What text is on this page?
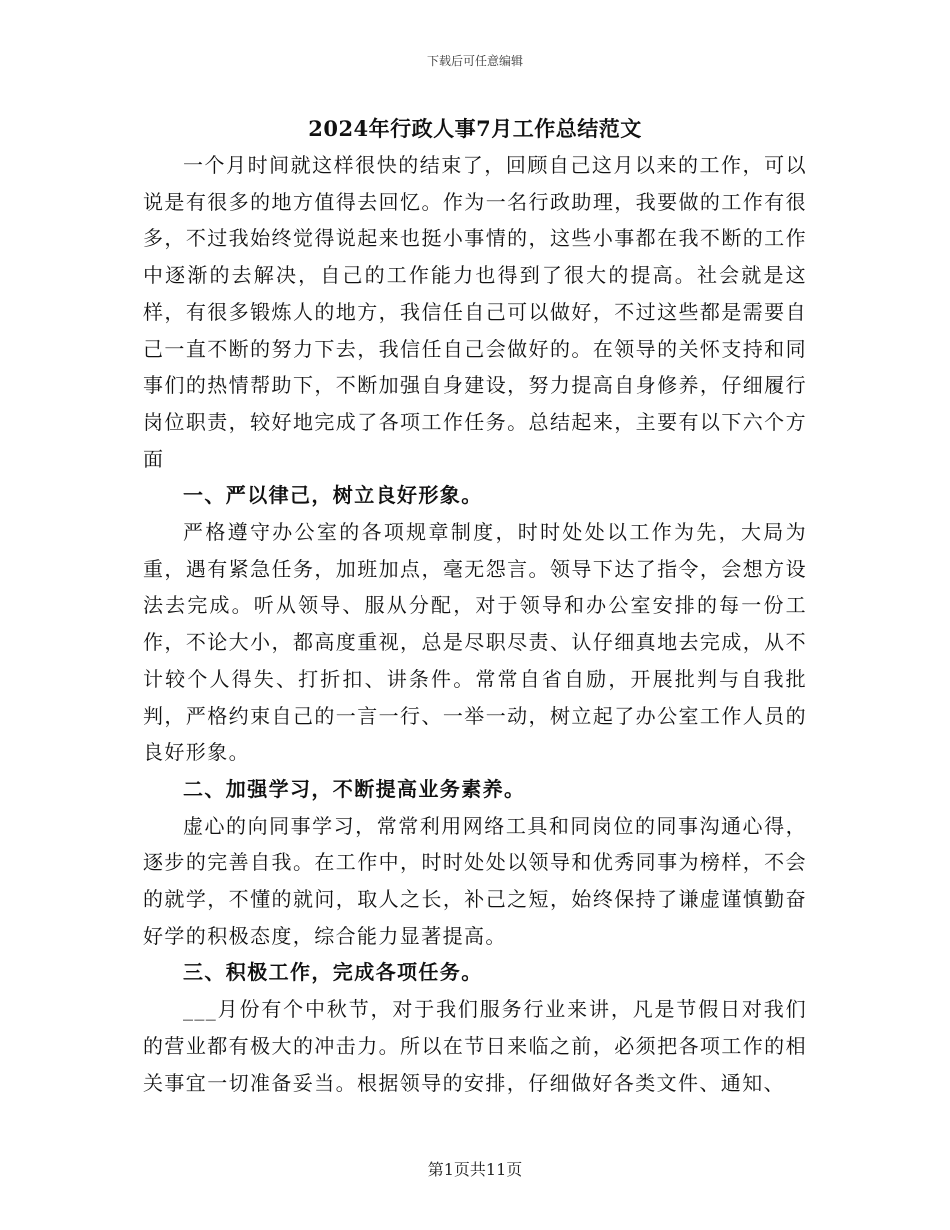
下载后可任意编辑
2024年行政人事7月工作总结范文

一个月时间就这样很快的结束了，回顾自己这月以来的工作，可以说是有很多的地方值得去回忆。作为一名行政助理，我要做的工作有很多，不过我始终觉得说起来也挺小事情的，这些小事都在我不断的工作中逐渐的去解决，自己的工作能力也得到了很大的提高。社会就是这样，有很多锻炼人的地方，我信任自己可以做好，不过这些都是需要自己一直不断的努力下去，我信任自己会做好的。在领导的关怀支持和同事们的热情帮助下，不断加强自身建设，努力提高自身修养，仔细履行岗位职责，较好地完成了各项工作任务。总结起来，主要有以下六个方面

一、严以律己，树立良好形象。

严格遵守办公室的各项规章制度，时时处处以工作为先，大局为重，遇有紧急任务，加班加点，毫无怨言。领导下达了指令，会想方设法去完成。听从领导、服从分配，对于领导和办公室安排的每一份工作，不论大小，都高度重视，总是尽职尽责、认仔细真地去完成，从不计较个人得失、打折扣、讲条件。常常自省自励，开展批判与自我批判，严格约束自己的一言一行、一举一动，树立起了办公室工作人员的良好形象。

二、加强学习，不断提高业务素养。

虚心的向同事学习，常常利用网络工具和同岗位的同事沟通心得，逐步的完善自我。在工作中，时时处处以领导和优秀同事为榜样，不会的就学，不懂的就问，取人之长，补己之短，始终保持了谦虚谨慎勤奋好学的积极态度，综合能力显著提高。

三、积极工作，完成各项任务。

___月份有个中秋节，对于我们服务行业来讲，凡是节假日对我们的营业都有极大的冲击力。所以在节日来临之前，必须把各项工作的相关事宜一切准备妥当。根据领导的安排，仔细做好各类文件、通知、

第1页共11页
